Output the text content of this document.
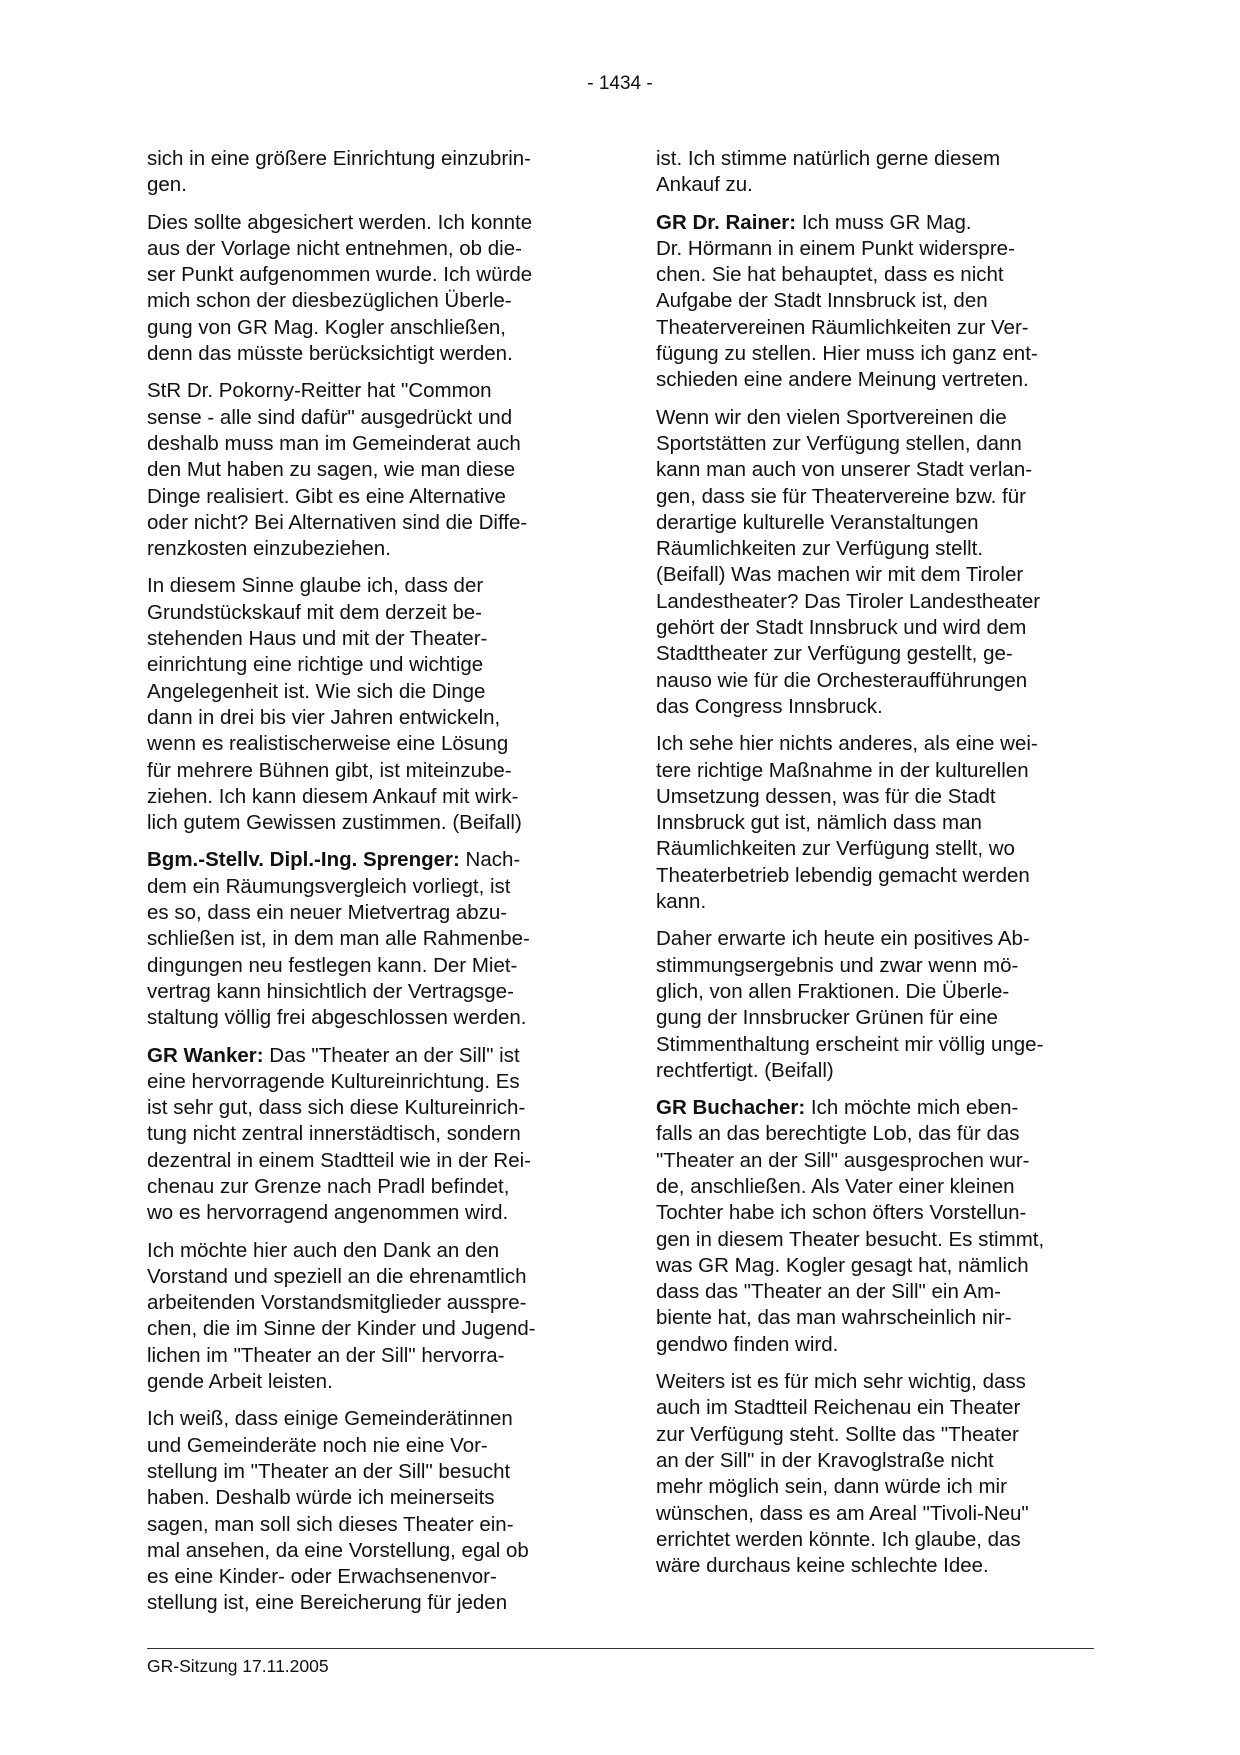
- 1434 -
sich in eine größere Einrichtung einzubrin-
gen.
Dies sollte abgesichert werden. Ich konnte
aus der Vorlage nicht entnehmen, ob die-
ser Punkt aufgenommen wurde. Ich würde
mich schon der diesbezüglichen Überle-
gung von GR Mag. Kogler anschließen,
denn das müsste berücksichtigt werden.
StR Dr. Pokorny-Reitter hat "Common
sense - alle sind dafür" ausgedrückt und
deshalb muss man im Gemeinderat auch
den Mut haben zu sagen, wie man diese
Dinge realisiert. Gibt es eine Alternative
oder nicht? Bei Alternativen sind die Diffe-
renzkosten einzubeziehen.
In diesem Sinne glaube ich, dass der
Grundstückskauf mit dem derzeit be-
stehenden Haus und mit der Theater-
einrichtung eine richtige und wichtige
Angelegenheit ist. Wie sich die Dinge
dann in drei bis vier Jahren entwickeln,
wenn es realistischerweise eine Lösung
für mehrere Bühnen gibt, ist miteinzube-
ziehen. Ich kann diesem Ankauf mit wirk-
lich gutem Gewissen zustimmen. (Beifall)
Bgm.-Stellv. Dipl.-Ing. Sprenger: Nach-
dem ein Räumungsvergleich vorliegt, ist
es so, dass ein neuer Mietvertrag abzu-
schließen ist, in dem man alle Rahmenbe-
dingungen neu festlegen kann. Der Miet-
vertrag kann hinsichtlich der Vertragsge-
staltung völlig frei abgeschlossen werden.
GR Wanker: Das "Theater an der Sill" ist
eine hervorragende Kultureinrichtung. Es
ist sehr gut, dass sich diese Kultureinrich-
tung nicht zentral innerstädtisch, sondern
dezentral in einem Stadtteil wie in der Rei-
chenau zur Grenze nach Pradl befindet,
wo es hervorragend angenommen wird.
Ich möchte hier auch den Dank an den
Vorstand und speziell an die ehrenamtlich
arbeitenden Vorstandsmitglieder ausspre-
chen, die im Sinne der Kinder und Jugend-
lichen im "Theater an der Sill" hervorra-
gende Arbeit leisten.
Ich weiß, dass einige Gemeinderätinnen
und Gemeinderäte noch nie eine Vor-
stellung im "Theater an der Sill" besucht
haben. Deshalb würde ich meinerseits
sagen, man soll sich dieses Theater ein-
mal ansehen, da eine Vorstellung, egal ob
es eine Kinder- oder Erwachsenenvor-
stellung ist, eine Bereicherung für jeden
ist. Ich stimme natürlich gerne diesem
Ankauf zu.
GR Dr. Rainer: Ich muss GR Mag.
Dr. Hörmann in einem Punkt widerspre-
chen. Sie hat behauptet, dass es nicht
Aufgabe der Stadt Innsbruck ist, den
Theatervereinen Räumlichkeiten zur Ver-
fügung zu stellen. Hier muss ich ganz ent-
schieden eine andere Meinung vertreten.
Wenn wir den vielen Sportvereinen die
Sportstätten zur Verfügung stellen, dann
kann man auch von unserer Stadt verlan-
gen, dass sie für Theatervereine bzw. für
derartige kulturelle Veranstaltungen
Räumlichkeiten zur Verfügung stellt.
(Beifall) Was machen wir mit dem Tiroler
Landestheater? Das Tiroler Landestheater
gehört der Stadt Innsbruck und wird dem
Stadttheater zur Verfügung gestellt, ge-
nauso wie für die Orchesteraufführungen
das Congress Innsbruck.
Ich sehe hier nichts anderes, als eine wei-
tere richtige Maßnahme in der kulturellen
Umsetzung dessen, was für die Stadt
Innsbruck gut ist, nämlich dass man
Räumlichkeiten zur Verfügung stellt, wo
Theaterbetrieb lebendig gemacht werden
kann.
Daher erwarte ich heute ein positives Ab-
stimmungsergebnis und zwar wenn mö-
glich, von allen Fraktionen. Die Überle-
gung der Innsbrucker Grünen für eine
Stimmenthaltung erscheint mir völlig unge-
rechtfertigt. (Beifall)
GR Buchacher: Ich möchte mich eben-
falls an das berechtigte Lob, das für das
"Theater an der Sill" ausgesprochen wur-
de, anschließen. Als Vater einer kleinen
Tochter habe ich schon öfters Vorstellun-
gen in diesem Theater besucht. Es stimmt,
was GR Mag. Kogler gesagt hat, nämlich
dass das "Theater an der Sill" ein Am-
biente hat, das man wahrscheinlich nir-
gendwo finden wird.
Weiters ist es für mich sehr wichtig, dass
auch im Stadtteil Reichenau ein Theater
zur Verfügung steht. Sollte das "Theater
an der Sill" in der Kravoglstraße nicht
mehr möglich sein, dann würde ich mir
wünschen, dass es am Areal "Tivoli-Neu"
errichtet werden könnte. Ich glaube, das
wäre durchaus keine schlechte Idee.
GR-Sitzung 17.11.2005
